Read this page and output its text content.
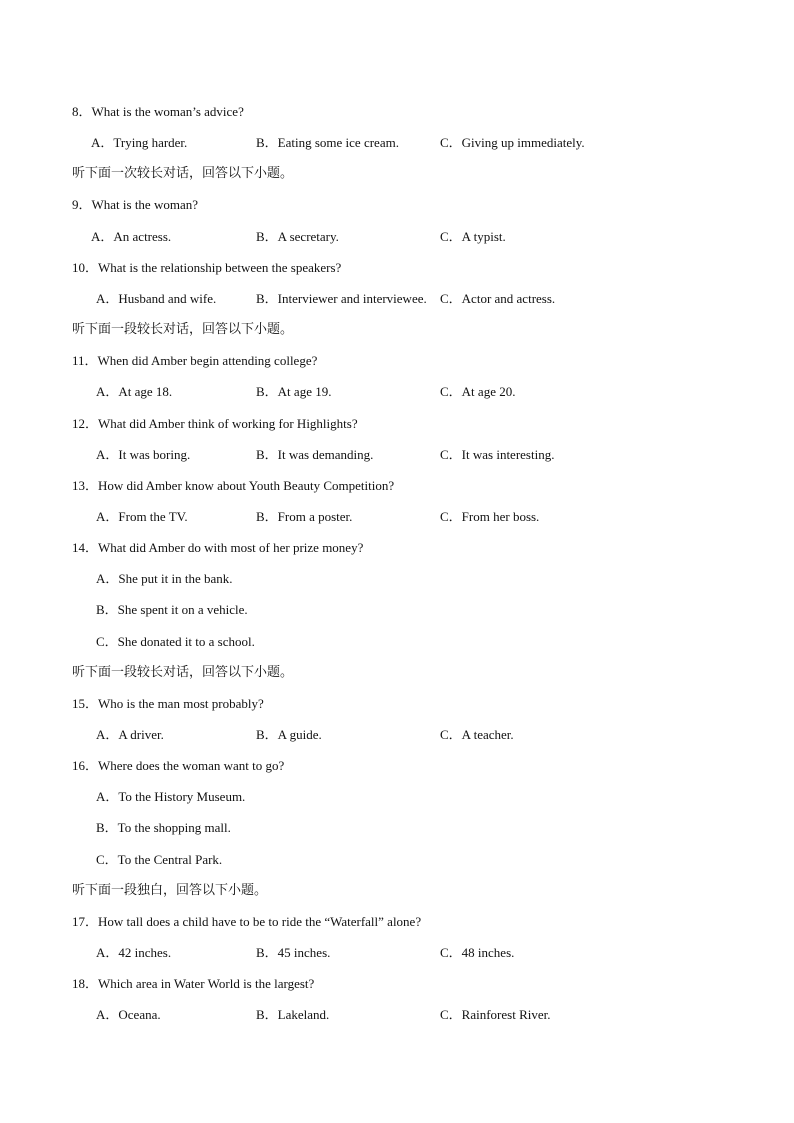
8．What is the woman’s advice?
A．Trying harder.	B．Eating some ice cream.	C．Giving up immediately.
听下面一次较长对话，回答以下小题。
9．What is the woman?
A．An actress.	B．A secretary.	C．A typist.
10．What is the relationship between the speakers?
A．Husband and wife.	B．Interviewer and interviewee. C．Actor and actress.
听下面一段较长对话，回答以下小题。
11．When did Amber begin attending college?
A．At age 18.	B．At age 19.	C．At age 20.
12．What did Amber think of working for Highlights?
A．It was boring.	B．It was demanding.	C．It was interesting.
13．How did Amber know about Youth Beauty Competition?
A．From the TV.	B．From a poster.	C．From her boss.
14．What did Amber do with most of her prize money?
A．She put it in the bank.
B．She spent it on a vehicle.
C．She donated it to a school.
听下面一段较长对话，回答以下小题。
15．Who is the man most probably?
A．A driver.	B．A guide.	C．A teacher.
16．Where does the woman want to go?
A．To the History Museum.
B．To the shopping mall.
C．To the Central Park.
听下面一段独白，回答以下小题。
17．How tall does a child have to be to ride the “Waterfall” alone?
A．42 inches.	B．45 inches.	C．48 inches.
18．Which area in Water World is the largest?
A．Oceana.	B．Lakeland.	C．Rainforest River.
